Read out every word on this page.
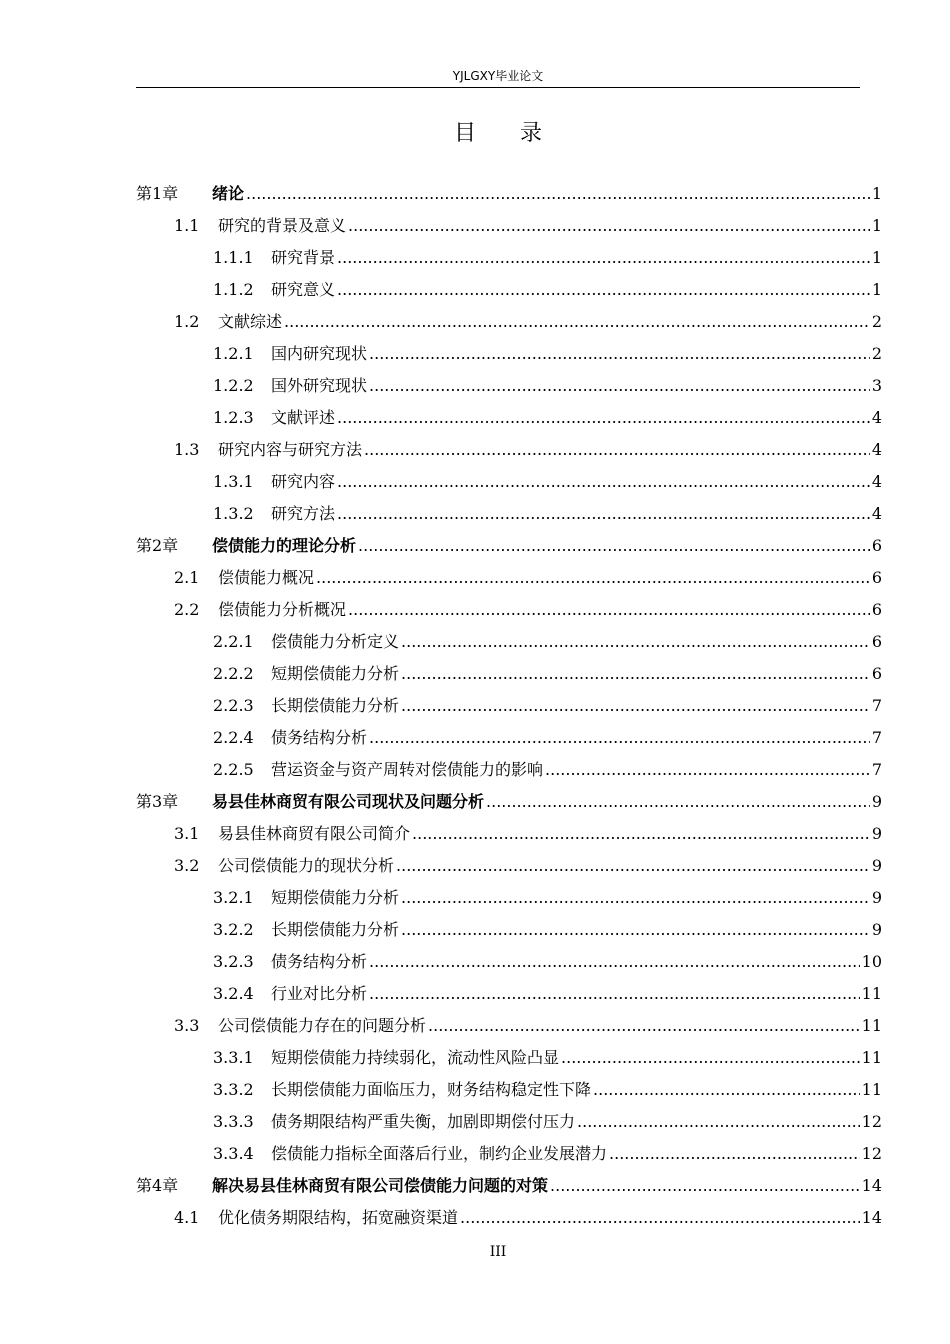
YJLGXY毕业论文
目录
第1章	绪论 .....	1
1.1	研究的背景及意义 .....	1
1.1.1	研究背景 .....	1
1.1.2	研究意义 .....	1
1.2	文献综述 .....	2
1.2.1	国内研究现状 .....	2
1.2.2	国外研究现状 .....	3
1.2.3	文献评述 .....	4
1.3	研究内容与研究方法 .....	4
1.3.1	研究内容 .....	4
1.3.2	研究方法 .....	4
第2章	偿债能力的理论分析 .....	6
2.1	偿债能力概况 .....	6
2.2	偿债能力分析概况 .....	6
2.2.1	偿债能力分析定义 .....	6
2.2.2	短期偿债能力分析 .....	6
2.2.3	长期偿债能力分析 .....	7
2.2.4	债务结构分析 .....	7
2.2.5	营运资金与资产周转对偿债能力的影响 .....	7
第3章	易县佳林商贸有限公司现状及问题分析 .....	9
3.1	易县佳林商贸有限公司简介 .....	9
3.2	公司偿债能力的现状分析 .....	9
3.2.1	短期偿债能力分析 .....	9
3.2.2	长期偿债能力分析 .....	9
3.2.3	债务结构分析 .....	10
3.2.4	行业对比分析 .....	11
3.3	公司偿债能力存在的问题分析 .....	11
3.3.1	短期偿债能力持续弱化，流动性风险凸显 .....	11
3.3.2	长期偿债能力面临压力，财务结构稳定性下降 .....	11
3.3.3	债务期限结构严重失衡，加剧即期偿付压力 .....	12
3.3.4	偿债能力指标全面落后行业，制约企业发展潜力 .....	12
第4章	解决易县佳林商贸有限公司偿债能力问题的对策 .....	14
4.1	优化债务期限结构，拓宽融资渠道 .....	14
III
